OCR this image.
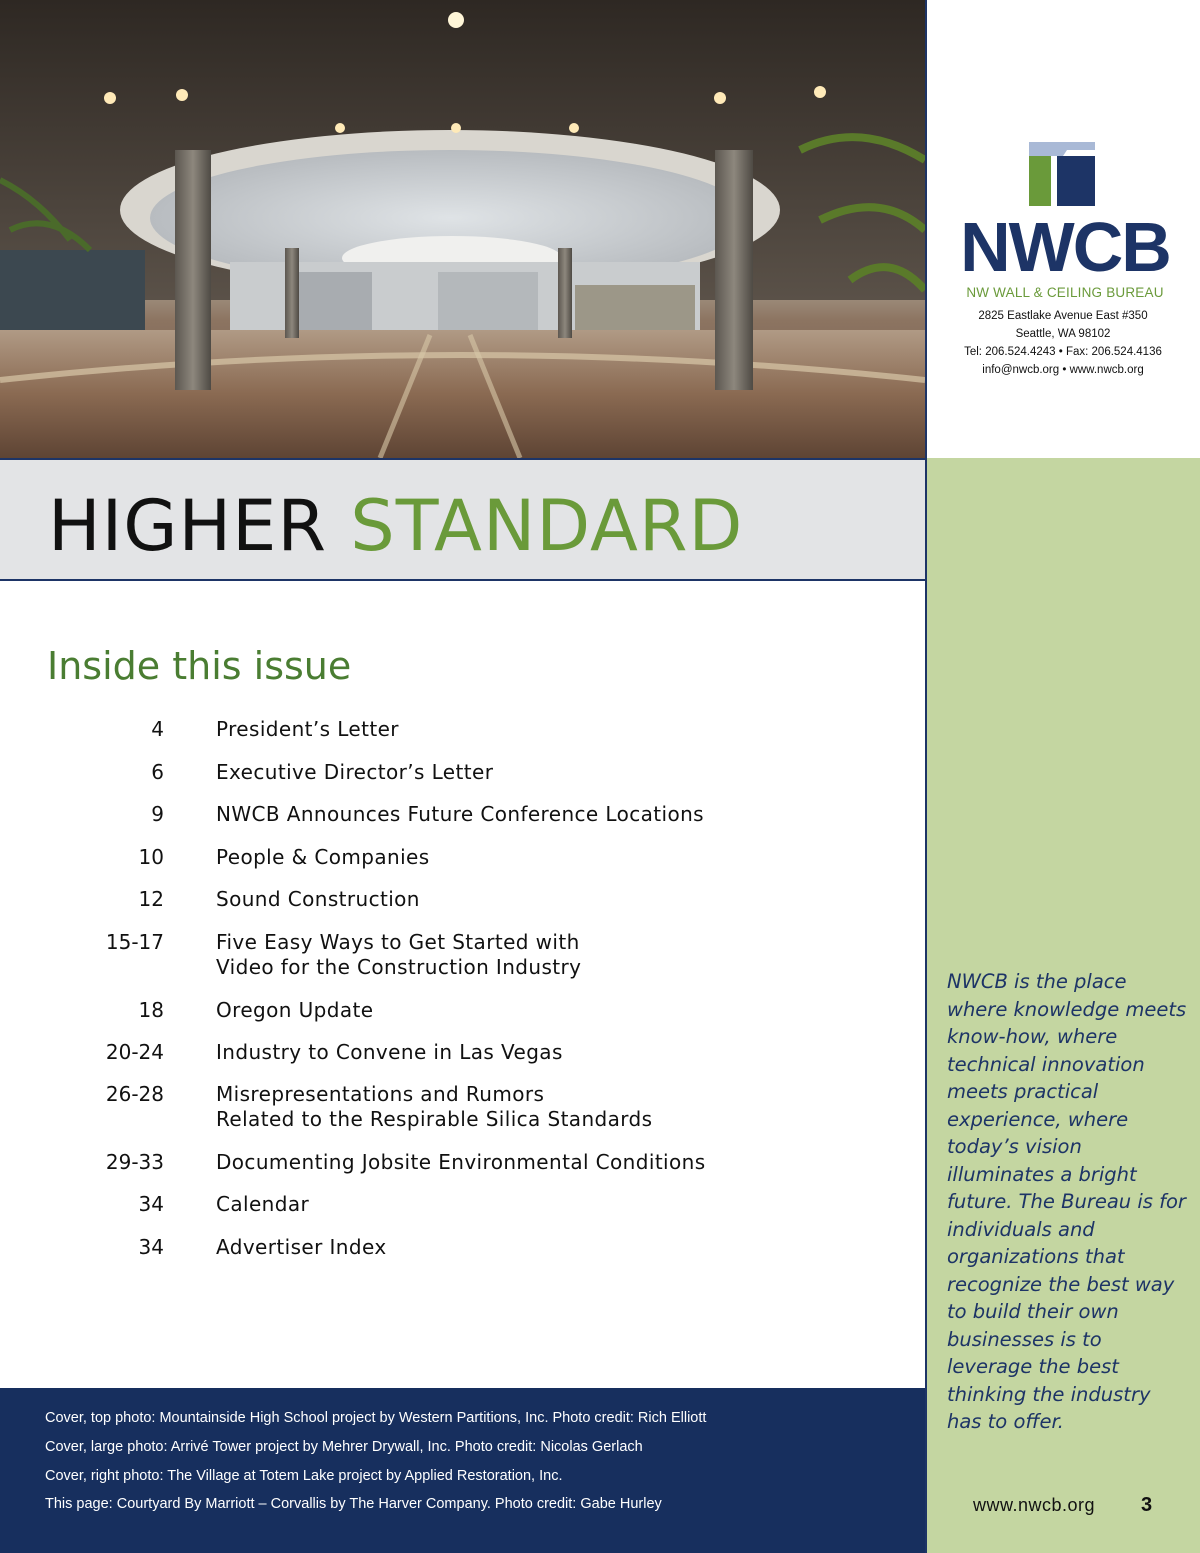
NWCB
NW WALL & CEILING BUREAU
2825 Eastlake Avenue East #350
Seattle, WA 98102
Tel: 206.524.4243 • Fax: 206.524.4136
info@nwcb.org • www.nwcb.org
NWCB is the place where knowledge meets know-how, where technical innovation meets practical experience, where today’s vision illuminates a bright future. The Bureau is for individuals and organizations that recognize the best way to build their own businesses is to leverage the best thinking the industry has to offer.
www.nwcb.org 3
HIGHER STANDARD
Inside this issue
4	President’s Letter
6	Executive Director’s Letter
9	NWCB Announces Future Conference Locations
10	People & Companies
12	Sound Construction
15-17	Five Easy Ways to Get Started with
Video for the Construction Industry
18	Oregon Update
20-24	Industry to Convene in Las Vegas
26-28	Misrepresentations and Rumors
Related to the Respirable Silica Standards
29-33	Documenting Jobsite Environmental Conditions
34	Calendar
34	Advertiser Index
Cover, top photo: Mountainside High School project by Western Partitions, Inc. Photo credit: Rich Elliott
Cover, large photo: Arrivé Tower project by Mehrer Drywall, Inc. Photo credit: Nicolas Gerlach
Cover, right photo: The Village at Totem Lake project by Applied Restoration, Inc.
This page: Courtyard By Marriott – Corvallis by The Harver Company. Photo credit: Gabe Hurley
